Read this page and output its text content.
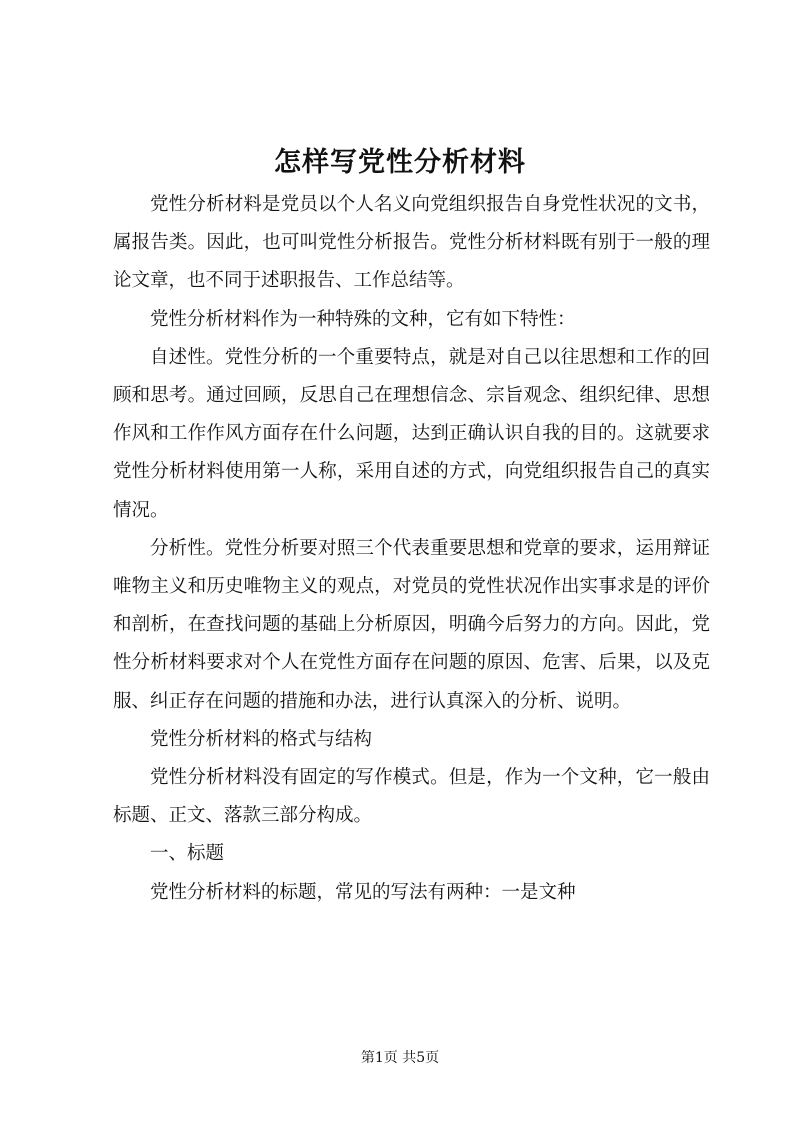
怎样写党性分析材料

党性分析材料是党员以个人名义向党组织报告自身党性状况的文书，属报告类。因此，也可叫党性分析报告。党性分析材料既有别于一般的理论文章，也不同于述职报告、工作总结等。

党性分析材料作为一种特殊的文种，它有如下特性：

自述性。党性分析的一个重要特点，就是对自己以往思想和工作的回顾和思考。通过回顾，反思自己在理想信念、宗旨观念、组织纪律、思想作风和工作作风方面存在什么问题，达到正确认识自我的目的。这就要求党性分析材料使用第一人称，采用自述的方式，向党组织报告自己的真实情况。

分析性。党性分析要对照三个代表重要思想和党章的要求，运用辩证唯物主义和历史唯物主义的观点，对党员的党性状况作出实事求是的评价和剖析，在查找问题的基础上分析原因，明确今后努力的方向。因此，党性分析材料要求对个人在党性方面存在问题的原因、危害、后果，以及克服、纠正存在问题的措施和办法，进行认真深入的分析、说明。

党性分析材料的格式与结构

党性分析材料没有固定的写作模式。但是，作为一个文种，它一般由标题、正文、落款三部分构成。

一、标题

党性分析材料的标题，常见的写法有两种：一是文种

第1页 共5页
